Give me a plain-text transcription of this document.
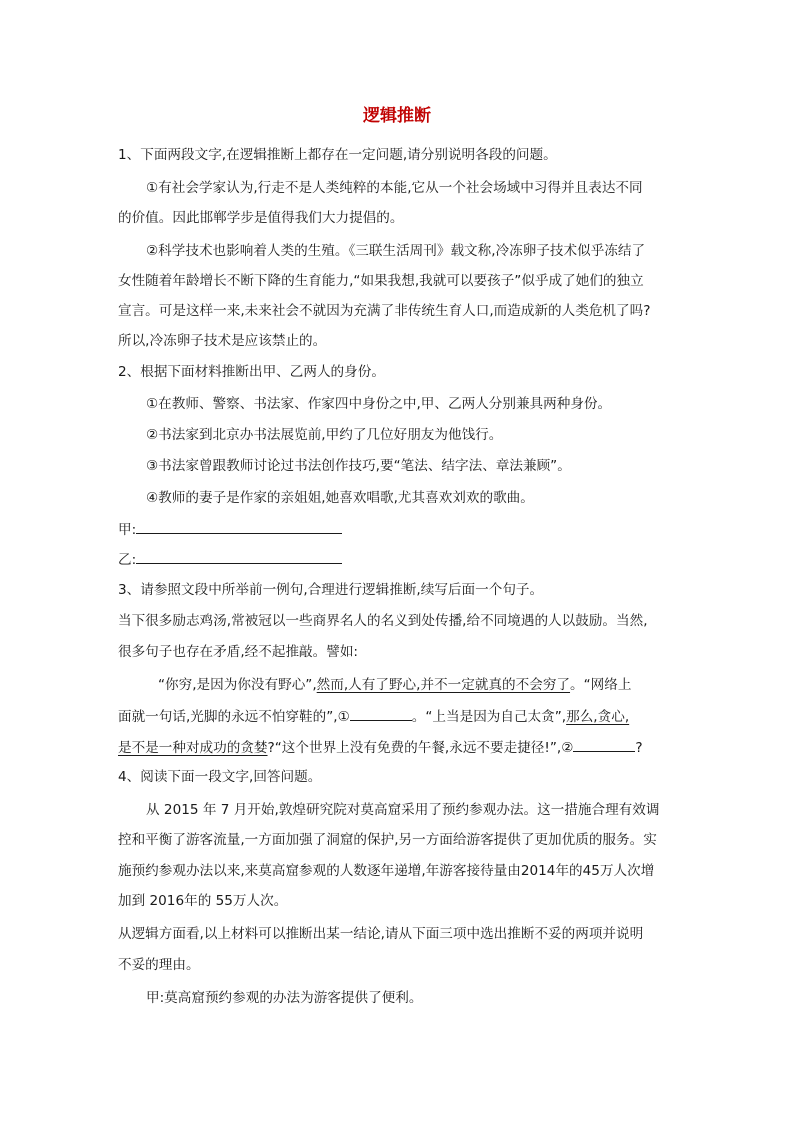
逻辑推断
1、下面两段文字,在逻辑推断上都存在一定问题,请分别说明各段的问题。
①有社会学家认为,行走不是人类纯粹的本能,它从一个社会场域中习得并且表达不同
的价值。因此邯郸学步是值得我们大力提倡的。
②科学技术也影响着人类的生殖。《三联生活周刊》载文称,冷冻卵子技术似乎冻结了
女性随着年龄增长不断下降的生育能力,“如果我想,我就可以要孩子”似乎成了她们的独立
宣言。可是这样一来,未来社会不就因为充满了非传统生育人口,而造成新的人类危机了吗?
所以,冷冻卵子技术是应该禁止的。
2、根据下面材料推断出甲、乙两人的身份。
①在教师、警察、书法家、作家四中身份之中,甲、乙两人分别兼具两种身份。
②书法家到北京办书法展览前,甲约了几位好朋友为他饯行。
③书法家曾跟教师讨论过书法创作技巧,要“笔法、结字法、章法兼顾”。
④教师的妻子是作家的亲姐姐,她喜欢唱歌,尤其喜欢刘欢的歌曲。
甲:
乙:
3、请参照文段中所举前一例句,合理进行逻辑推断,续写后面一个句子。
当下很多励志鸡汤,常被冠以一些商界名人的名义到处传播,给不同境遇的人以鼓励。当然,
很多句子也存在矛盾,经不起推敲。譬如:
“你穷,是因为你没有野心”,然而,人有了野心,并不一定就真的不会穷了。“网络上
面就一句话,光脚的永远不怕穿鞋的”,①	。“上当是因为自己太贪”,那么,贪心,
是不是一种对成功的贪婪?“这个世界上没有免费的午餐,永远不要走捷径!”,②	?
4、阅读下面一段文字,回答问题。
从 2015 年 7 月开始,敦煌研究院对莫高窟采用了预约参观办法。这一措施合理有效调
控和平衡了游客流量,一方面加强了洞窟的保护,另一方面给游客提供了更加优质的服务。实
施预约参观办法以来,来莫高窟参观的人数逐年递增,年游客接待量由2014年的45万人次增
加到 2016年的 55万人次。
从逻辑方面看,以上材料可以推断出某一结论,请从下面三项中选出推断不妥的两项并说明
不妥的理由。
甲:莫高窟预约参观的办法为游客提供了便利。
